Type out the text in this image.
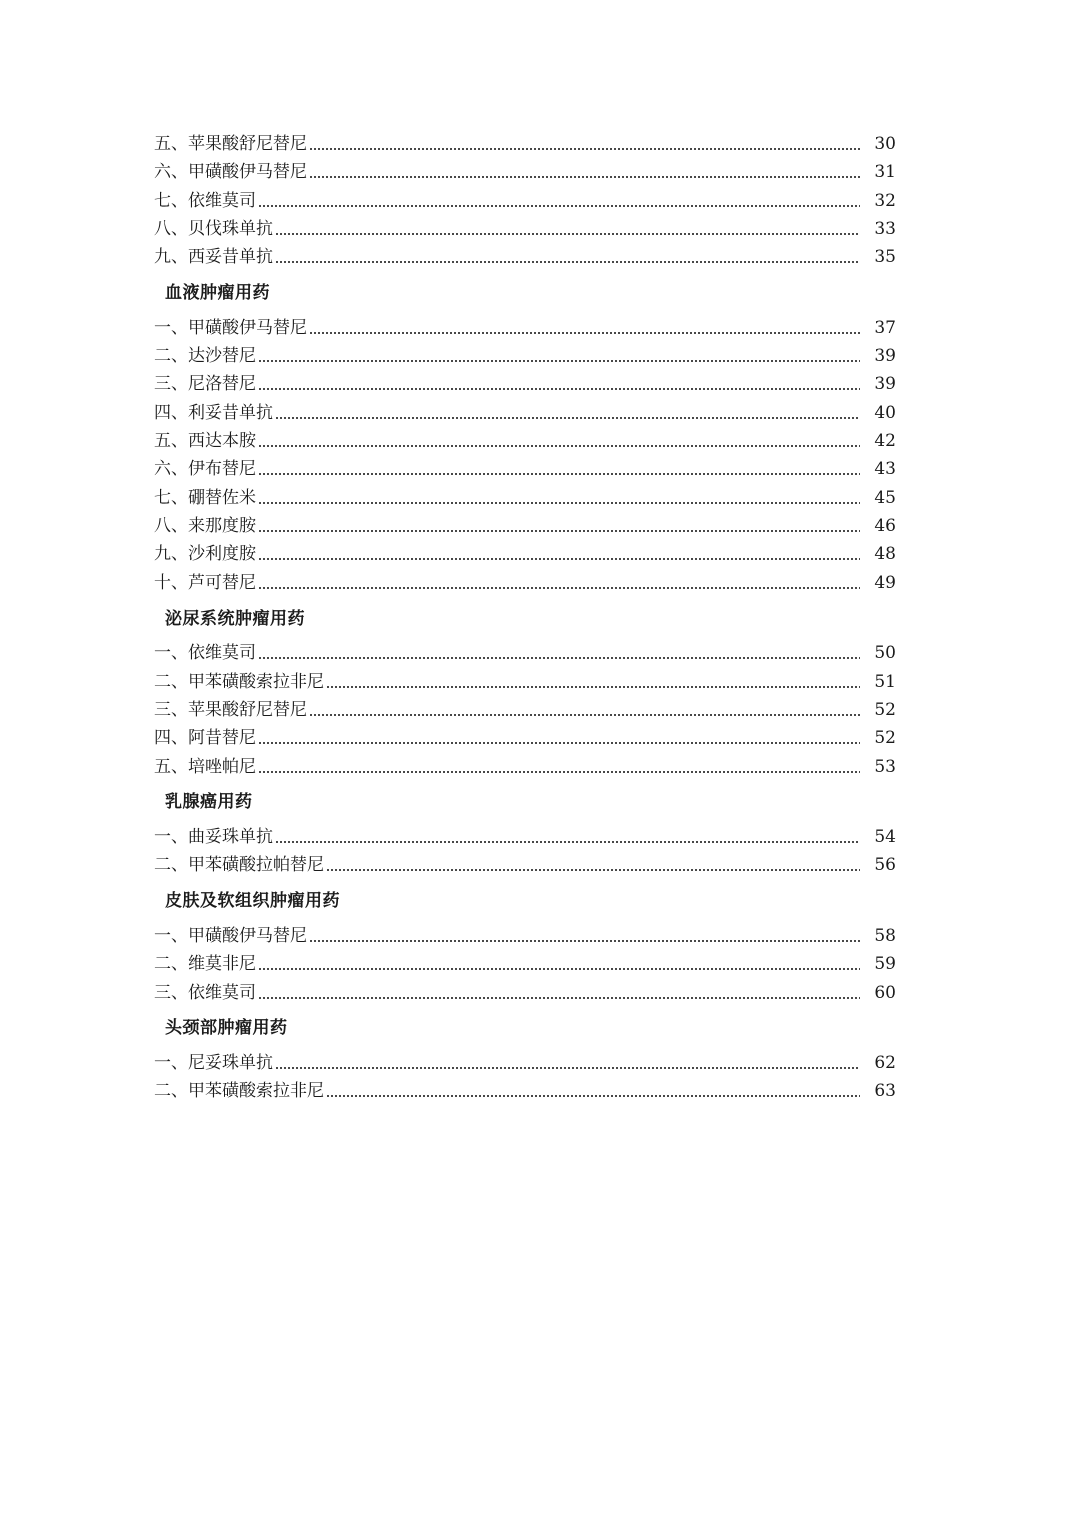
五、苹果酸舒尼替尼	30
六、甲磺酸伊马替尼	31
七、依维莫司	32
八、贝伐珠单抗	33
九、西妥昔单抗	35
血液肿瘤用药
一、甲磺酸伊马替尼	37
二、达沙替尼	39
三、尼洛替尼	39
四、利妥昔单抗	40
五、西达本胺	42
六、伊布替尼	43
七、硼替佐米	45
八、来那度胺	46
九、沙利度胺	48
十、芦可替尼	49
泌尿系统肿瘤用药
一、依维莫司	50
二、甲苯磺酸索拉非尼	51
三、苹果酸舒尼替尼	52
四、阿昔替尼	52
五、培唑帕尼	53
乳腺癌用药
一、曲妥珠单抗	54
二、甲苯磺酸拉帕替尼	56
皮肤及软组织肿瘤用药
一、甲磺酸伊马替尼	58
二、维莫非尼	59
三、依维莫司	60
头颈部肿瘤用药
一、尼妥珠单抗	62
二、甲苯磺酸索拉非尼	63
